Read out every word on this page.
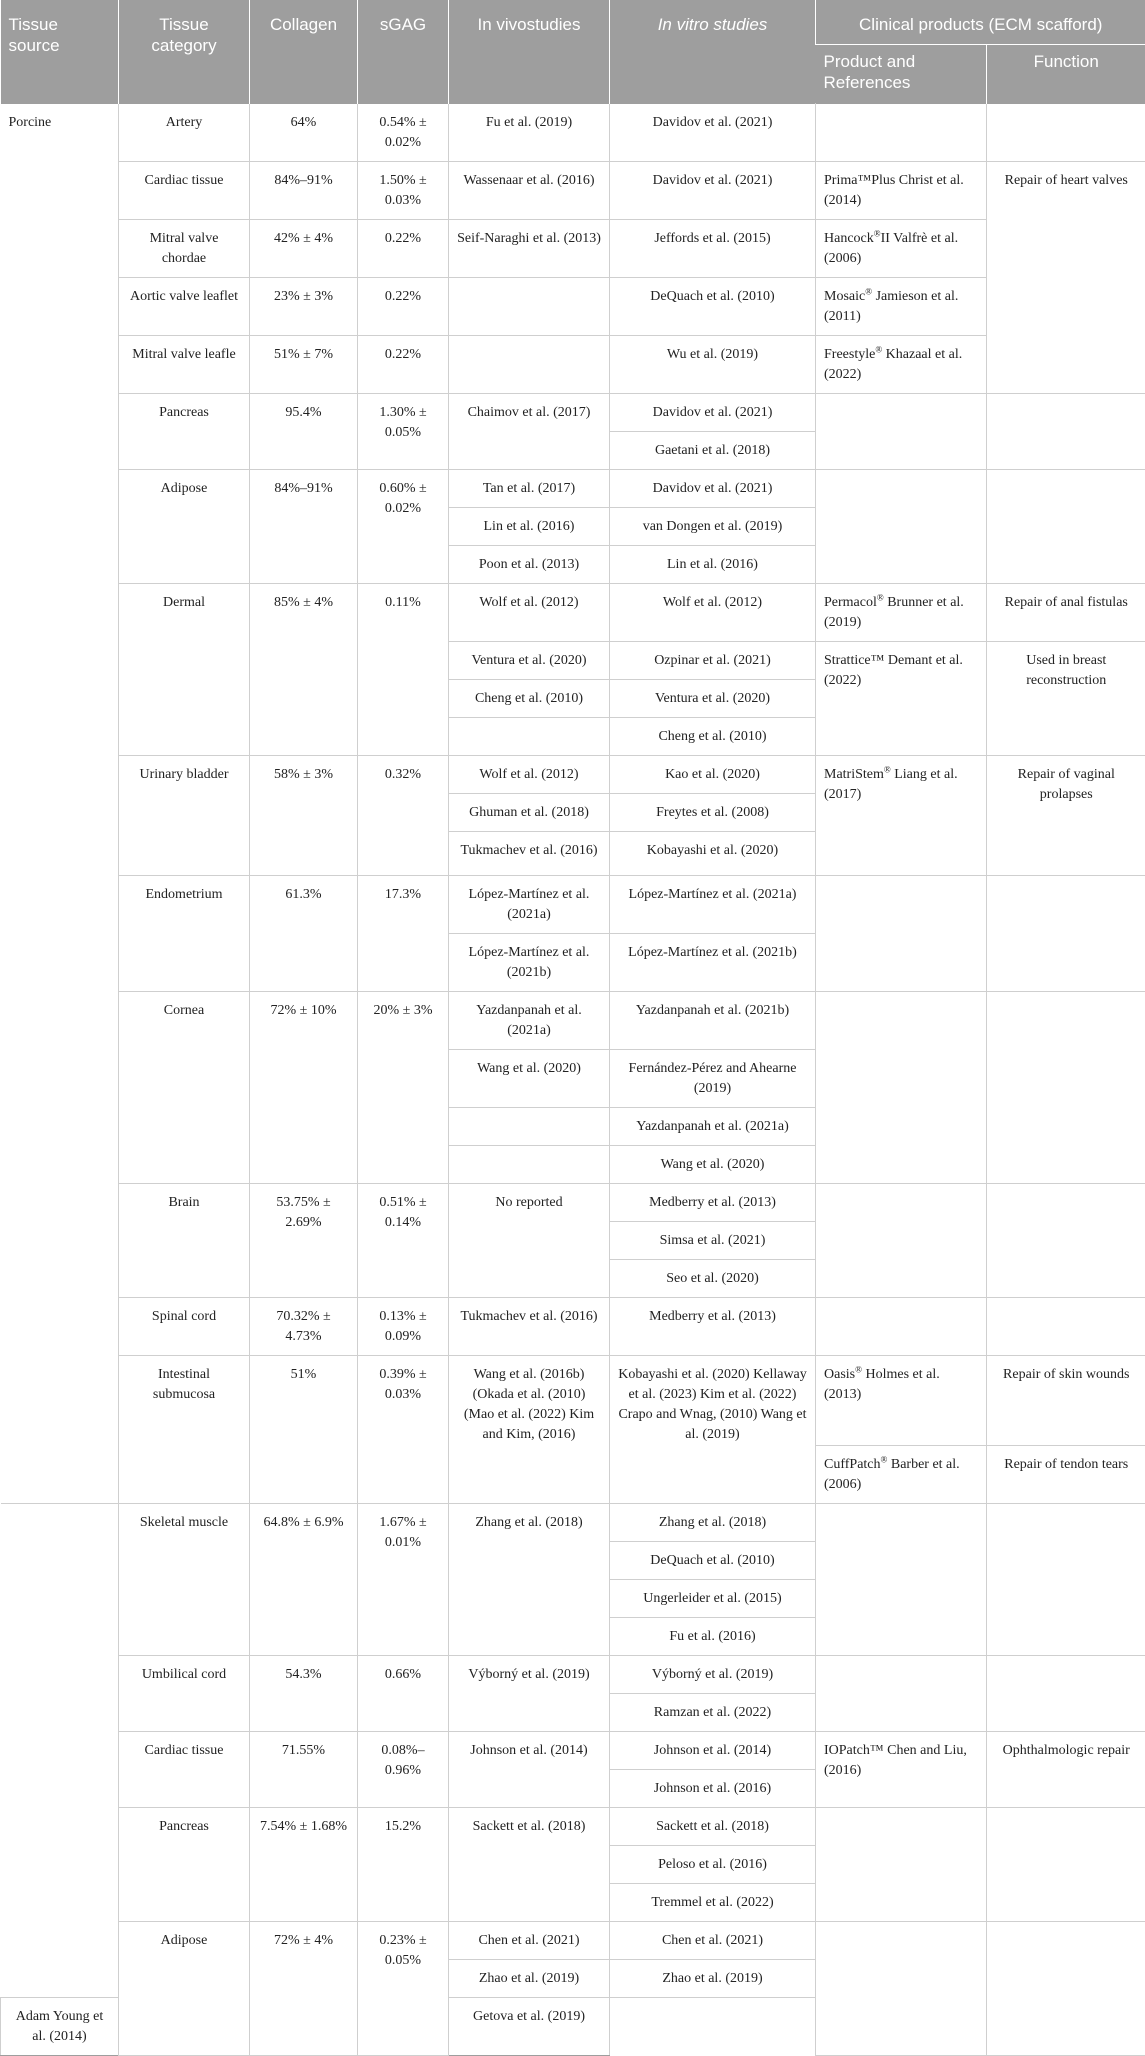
Tissue source	Tissue category	Collagen	sGAG	In vivostudies	In vitro studies	Clinical products (ECM scafford)	
						Product and References	Function
Porcine	Artery	64%	0.54% ± 0.02%	Fu et al. (2019)	Davidov et al. (2021)		
	Cardiac tissue	84%–91%	1.50% ± 0.03%	Wassenaar et al. (2016)	Davidov et al. (2021)	Prima™Plus Christ et al. (2014)	Repair of heart valves
	Mitral valve chordae	42% ± 4%	0.22%	Seif-Naraghi et al. (2013)	Jeffords et al. (2015)	Hancock®II Valfrè et al. (2006)	
	Aortic valve leaflet	23% ± 3%	0.22%		DeQuach et al. (2010)	Mosaic® Jamieson et al. (2011)	
	Mitral valve leafle	51% ± 7%	0.22%		Wu et al. (2019)	Freestyle® Khazaal et al. (2022)	
	Pancreas	95.4%	1.30% ± 0.05%	Chaimov et al. (2017)	Davidov et al. (2021)		
					Gaetani et al. (2018)		
	Adipose	84%–91%	0.60% ± 0.02%	Tan et al. (2017)	Davidov et al. (2021)		
				Lin et al. (2016)	van Dongen et al. (2019)		
				Poon et al. (2013)	Lin et al. (2016)		
	Dermal	85% ± 4%	0.11%	Wolf et al. (2012)	Wolf et al. (2012)	Permacol® Brunner et al. (2019)	Repair of anal fistulas
				Ventura et al. (2020)	Ozpinar et al. (2021)	Strattice™ Demant et al. (2022)	Used in breast reconstruction
				Cheng et al. (2010)	Ventura et al. (2020)		
					Cheng et al. (2010)		
	Urinary bladder	58% ± 3%	0.32%	Wolf et al. (2012)	Kao et al. (2020)	MatriStem® Liang et al. (2017)	Repair of vaginal prolapses
				Ghuman et al. (2018)	Freytes et al. (2008)		
				Tukmachev et al. (2016)	Kobayashi et al. (2020)		
	Endometrium	61.3%	17.3%	López-Martínez et al. (2021a)	López-Martínez et al. (2021a)		
				López-Martínez et al. (2021b)	López-Martínez et al. (2021b)		
	Cornea	72% ± 10%	20% ± 3%	Yazdanpanah et al. (2021a)	Yazdanpanah et al. (2021b)		
				Wang et al. (2020)	Fernández-Pérez and Ahearne (2019)		
					Yazdanpanah et al. (2021a)		
					Wang et al. (2020)		
	Brain	53.75% ± 2.69%	0.51% ± 0.14%	No reported	Medberry et al. (2013)		
					Simsa et al. (2021)		
					Seo et al. (2020)		
	Spinal cord	70.32% ± 4.73%	0.13% ± 0.09%	Tukmachev et al. (2016)	Medberry et al. (2013)		
	Intestinal submucosa	51%	0.39% ± 0.03%	Wang et al. (2016b) (Okada et al. (2010) (Mao et al. (2022) Kim and Kim, (2016)	Kobayashi et al. (2020) Kellaway et al. (2023) Kim et al. (2022) Crapo and Wnag, (2010) Wang et al. (2019)	Oasis® Holmes et al. (2013)	Repair of skin wounds
						CuffPatch® Barber et al. (2006)	Repair of tendon tears
	Skeletal muscle	64.8% ± 6.9%	1.67% ± 0.01%	Zhang et al. (2018)	Zhang et al. (2018)		
					DeQuach et al. (2010)		
					Ungerleider et al. (2015)		
					Fu et al. (2016)		
	Umbilical cord	54.3%	0.66%	Výborný et al. (2019)	Výborný et al. (2019)		
					Ramzan et al. (2022)		
	Cardiac tissue	71.55%	0.08%–0.96%	Johnson et al. (2014)	Johnson et al. (2014)	IOPatch™ Chen and Liu, (2016)	Ophthalmologic repair
					Johnson et al. (2016)		
	Pancreas	7.54% ± 1.68%	15.2%	Sackett et al. (2018)	Sackett et al. (2018)		
					Peloso et al. (2016)		
					Tremmel et al. (2022)		
	Adipose	72% ± 4%	0.23% ± 0.05%	Chen et al. (2021)	Chen et al. (2021)		
				Zhao et al. (2019)	Zhao et al. (2019)		
Adam Young et al. (2014)				Getova et al. (2019)			
